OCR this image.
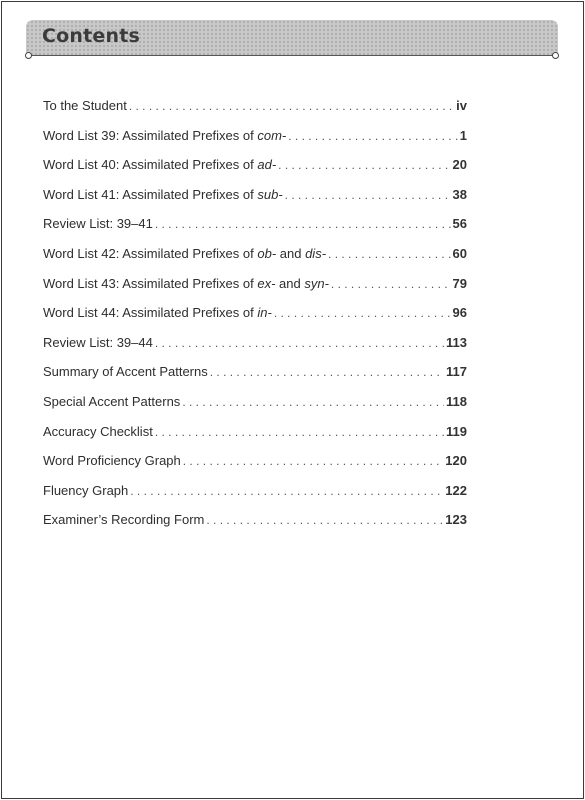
Contents
To the Student . . .	iv
Word List 39: Assimilated Prefixes of com- . . .	1
Word List 40: Assimilated Prefixes of ad- . . .	20
Word List 41: Assimilated Prefixes of sub- . . .	38
Review List: 39–41 . . .	56
Word List 42: Assimilated Prefixes of ob- and dis- . . .	60
Word List 43: Assimilated Prefixes of ex- and syn- . . .	79
Word List 44: Assimilated Prefixes of in- . . .	96
Review List: 39–44 . . .	113
Summary of Accent Patterns . . .	117
Special Accent Patterns . . .	118
Accuracy Checklist . . .	119
Word Proficiency Graph . . .	120
Fluency Graph . . .	122
Examiner’s Recording Form . . .	123
